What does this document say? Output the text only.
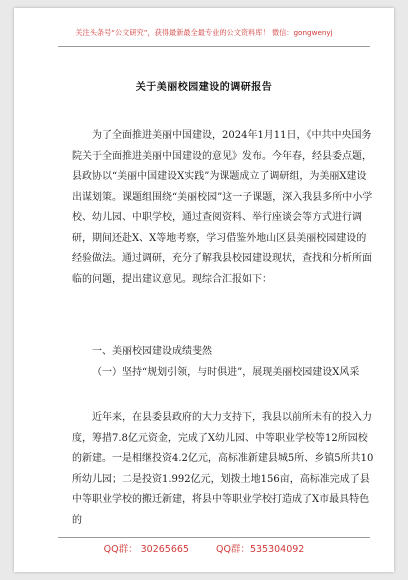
关注头条号“公文研究”，获得最新最全最专业的公文资料库！ 微信：gongwenyj
关于美丽校园建设的调研报告
为了全面推进美丽中国建设，2024年1月11日，《中共中央国务院关于全面推进美丽中国建设的意见》发布。今年春，经县委点题，县政协以“美丽中国建设X实践”为课题成立了调研组，为美丽X建设出谋划策。课题组围绕“美丽校园”这一子课题，深入我县多所中小学校、幼儿园、中职学校，通过查阅资料、举行座谈会等方式进行调研，期间还赴X、X等地考察，学习借鉴外地山区县美丽校园建设的经验做法。通过调研，充分了解我县校园建设现状，查找和分析所面临的问题，提出建议意见。现综合汇报如下：
一、美丽校园建设成绩斐然
（一）坚持“规划引领，与时俱进”，展现美丽校园建设X风采
近年来，在县委县政府的大力支持下，我县以前所未有的投入力度，筹措7.8亿元资金，完成了X幼儿园、中等职业学校等12所园校的新建。一是相继投资4.2亿元，高标准新建县城5所、乡镇5所共10所幼儿园；二是投资1.992亿元，划拨土地156亩，高标准完成了县中等职业学校的搬迁新建，将县中等职业学校打造成了X市最具特色的
QQ群： 30265665	QQ群：535304092
